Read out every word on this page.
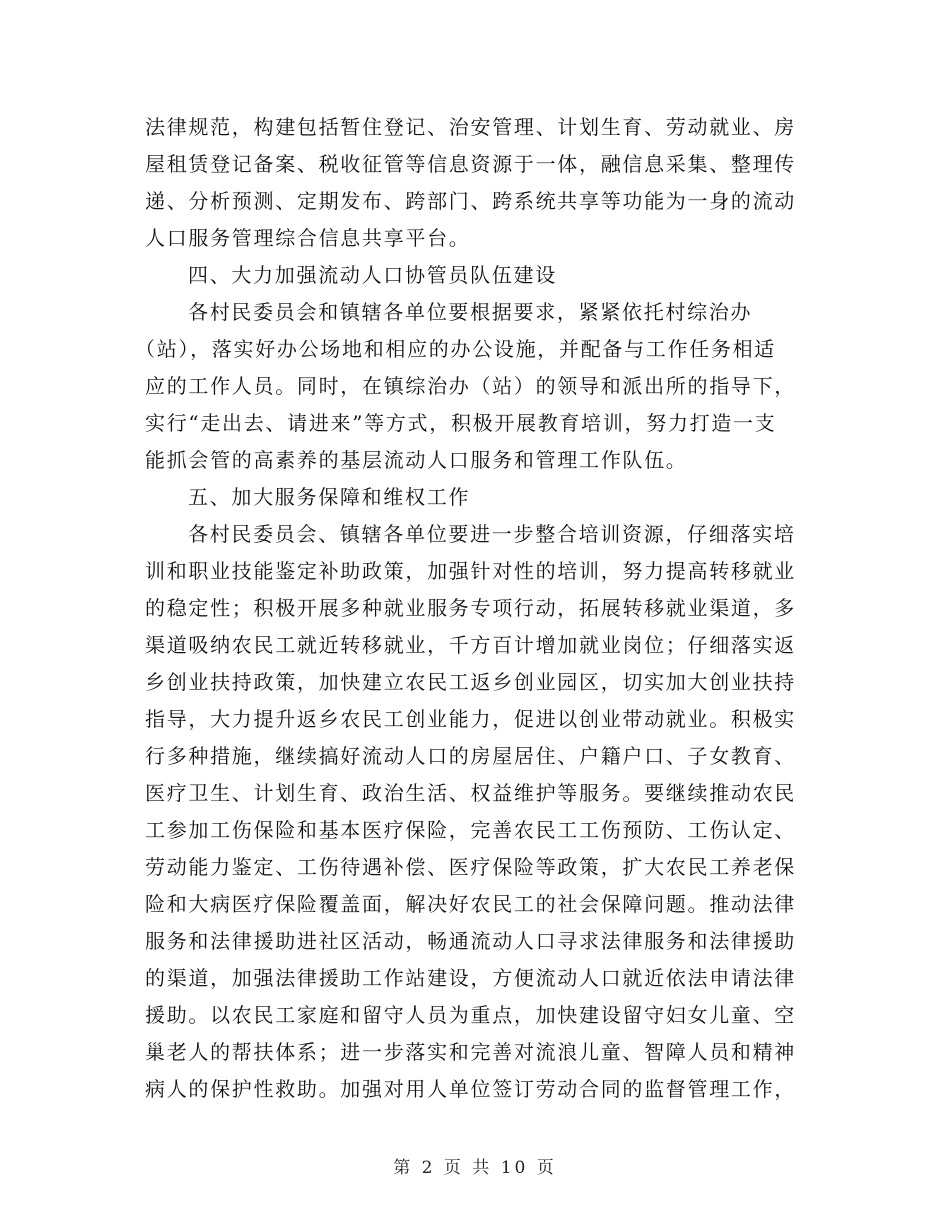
法律规范，构建包括暂住登记、治安管理、计划生育、劳动就业、房
屋租赁登记备案、税收征管等信息资源于一体，融信息采集、整理传
递、分析预测、定期发布、跨部门、跨系统共享等功能为一身的流动
人口服务管理综合信息共享平台。
四、大力加强流动人口协管员队伍建设
各村民委员会和镇辖各单位要根据要求，紧紧依托村综治办
（站），落实好办公场地和相应的办公设施，并配备与工作任务相适
应的工作人员。同时，在镇综治办（站）的领导和派出所的指导下，
实行“走出去、请进来”等方式，积极开展教育培训，努力打造一支
能抓会管的高素养的基层流动人口服务和管理工作队伍。
五、加大服务保障和维权工作
各村民委员会、镇辖各单位要进一步整合培训资源，仔细落实培
训和职业技能鉴定补助政策，加强针对性的培训，努力提高转移就业
的稳定性；积极开展多种就业服务专项行动，拓展转移就业渠道，多
渠道吸纳农民工就近转移就业，千方百计增加就业岗位；仔细落实返
乡创业扶持政策，加快建立农民工返乡创业园区，切实加大创业扶持
指导，大力提升返乡农民工创业能力，促进以创业带动就业。积极实
行多种措施，继续搞好流动人口的房屋居住、户籍户口、子女教育、
医疗卫生、计划生育、政治生活、权益维护等服务。要继续推动农民
工参加工伤保险和基本医疗保险，完善农民工工伤预防、工伤认定、
劳动能力鉴定、工伤待遇补偿、医疗保险等政策，扩大农民工养老保
险和大病医疗保险覆盖面，解决好农民工的社会保障问题。推动法律
服务和法律援助进社区活动，畅通流动人口寻求法律服务和法律援助
的渠道，加强法律援助工作站建设，方便流动人口就近依法申请法律
援助。以农民工家庭和留守人员为重点，加快建设留守妇女儿童、空
巢老人的帮扶体系；进一步落实和完善对流浪儿童、智障人员和精神
病人的保护性救助。加强对用人单位签订劳动合同的监督管理工作，
第 2 页 共 10 页
